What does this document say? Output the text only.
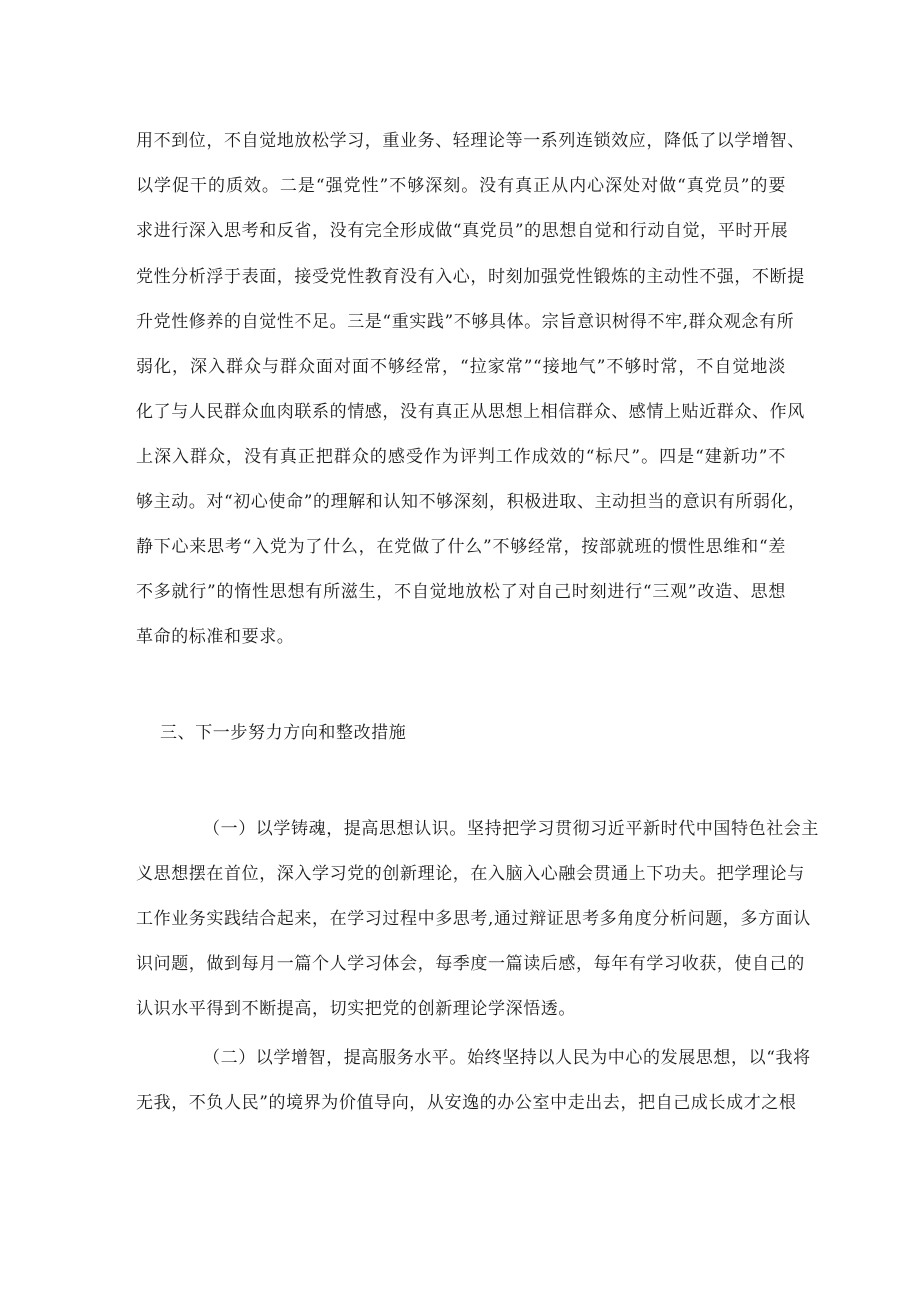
用不到位，不自觉地放松学习，重业务、轻理论等一系列连锁效应，降低了以学增智、
以学促干的质效。二是“强党性”不够深刻。没有真正从内心深处对做“真党员”的要
求进行深入思考和反省，没有完全形成做“真党员”的思想自觉和行动自觉，平时开展
党性分析浮于表面，接受党性教育没有入心，时刻加强党性锻炼的主动性不强，不断提
升党性修养的自觉性不足。三是“重实践”不够具体。宗旨意识树得不牢,群众观念有所
弱化，深入群众与群众面对面不够经常，“拉家常”“接地气”不够时常，不自觉地淡
化了与人民群众血肉联系的情感，没有真正从思想上相信群众、感情上贴近群众、作风
上深入群众，没有真正把群众的感受作为评判工作成效的“标尺”。四是“建新功”不
够主动。对“初心使命”的理解和认知不够深刻，积极进取、主动担当的意识有所弱化，
静下心来思考“入党为了什么，在党做了什么”不够经常，按部就班的惯性思维和“差
不多就行”的惰性思想有所滋生，不自觉地放松了对自己时刻进行“三观”改造、思想
革命的标准和要求。
三、下一步努力方向和整改措施
（一）以学铸魂，提高思想认识。坚持把学习贯彻习近平新时代中国特色社会主
义思想摆在首位，深入学习党的创新理论，在入脑入心融会贯通上下功夫。把学理论与
工作业务实践结合起来，在学习过程中多思考,通过辩证思考多角度分析问题，多方面认
识问题，做到每月一篇个人学习体会，每季度一篇读后感，每年有学习收获，使自己的
认识水平得到不断提高，切实把党的创新理论学深悟透。
（二）以学增智，提高服务水平。始终坚持以人民为中心的发展思想，以“我将
无我，不负人民”的境界为价值导向，从安逸的办公室中走出去，把自己成长成才之根
